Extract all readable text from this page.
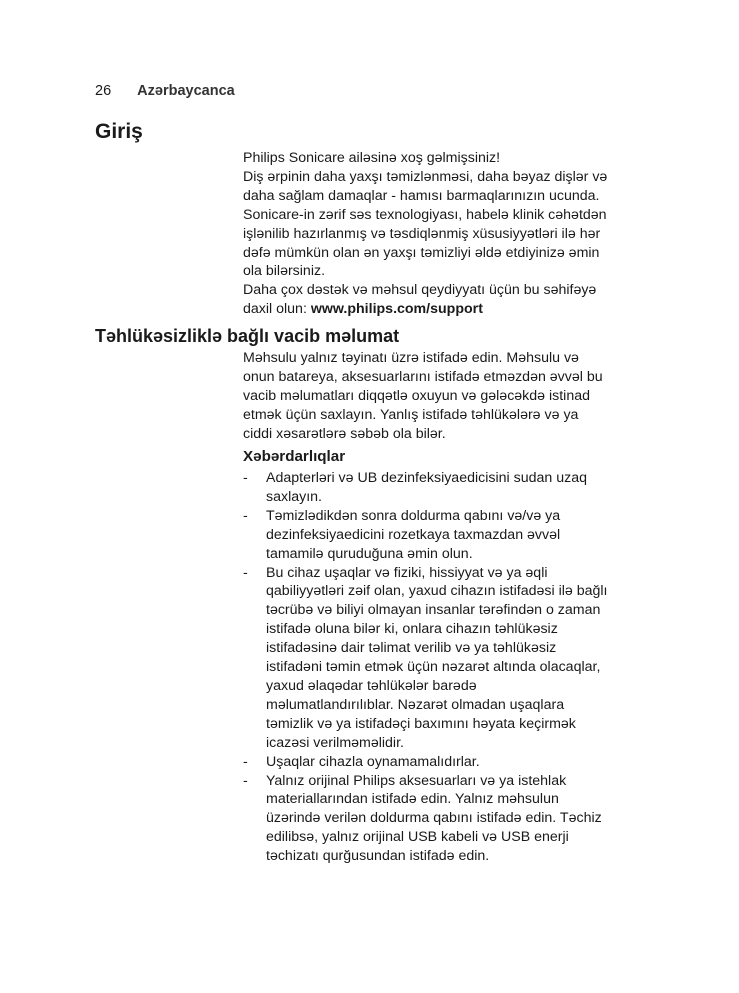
26 Azərbaycanca
Giriş
Philips Sonicare ailəsinə xoş gəlmişsiniz!
Diş ərpinin daha yaxşı təmizlənməsi, daha bəyaz dişlər və
daha sağlam damaqlar - hamısı barmaqlarınızın ucunda.
Sonicare-in zərif səs texnologiyası, habelə klinik cəhətdən
işlənilib hazırlanmış və təsdiqlənmiş xüsusiyyətləri ilə hər
dəfə mümkün olan ən yaxşı təmizliyi əldə etdiyinizə əmin
ola bilərsiniz.
Daha çox dəstək və məhsul qeydiyyatı üçün bu səhifəyə
daxil olun: www.philips.com/support
Təhlükəsizliklə bağlı vacib məlumat
Məhsulu yalnız təyinatı üzrə istifadə edin. Məhsulu və
onun batareya, aksesuarlarını istifadə etməzdən əvvəl bu
vacib məlumatları diqqətlə oxuyun və gələcəkdə istinad
etmək üçün saxlayın. Yanlış istifadə təhlükələrə və ya
ciddi xəsarətlərə səbəb ola bilər.
Xəbərdarlıqlar
- Adapterləri və UB dezinfeksiyaedicisini sudan uzaq
saxlayın.
- Təmizlədikdən sonra doldurma qabını və/və ya
dezinfeksiyaedicini rozetkaya taxmazdan əvvəl
tamamilə quruduğuna əmin olun.
- Bu cihaz uşaqlar və fiziki, hissiyyat və ya əqli
qabiliyyətləri zəif olan, yaxud cihazın istifadəsi ilə bağlı
təcrübə və biliyi olmayan insanlar tərəfindən o zaman
istifadə oluna bilər ki, onlara cihazın təhlükəsiz
istifadəsinə dair təlimat verilib və ya təhlükəsiz
istifadəni təmin etmək üçün nəzarət altında olacaqlar,
yaxud əlaqədar təhlükələr barədə
məlumatlandırılıblar. Nəzarət olmadan uşaqlara
təmizlik və ya istifadəçi baxımını həyata keçirmək
icazəsi verilməməlidir.
- Uşaqlar cihazla oynamamalıdırlar.
- Yalnız orijinal Philips aksesuarları və ya istehlak
materiallarından istifadə edin. Yalnız məhsulun
üzərində verilən doldurma qabını istifadə edin. Təchiz
edilibsə, yalnız orijinal USB kabeli və USB enerji
təchizatı qurğusundan istifadə edin.
